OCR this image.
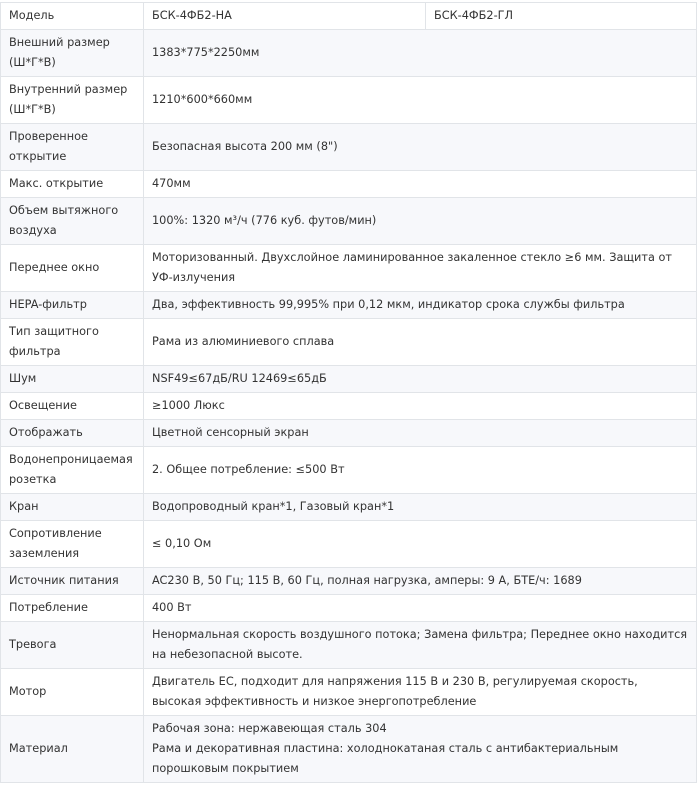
Модель	БСК-4ФБ2-НА	БСК-4ФБ2-ГЛ
Внешний размер (Ш*Г*В)	1383*775*2250мм	
Внутренний размер (Ш*Г*В)	1210*600*660мм	
Проверенное открытие	Безопасная высота 200 мм (8")	
Макс. открытие	470мм	
Объем вытяжного воздуха	100%: 1320 м³/ч (776 куб. футов/мин)	
Переднее окно	Моторизованный. Двухслойное ламинированное закаленное стекло ≥6 мм. Защита от УФ-излучения	
HEPA-фильтр	Два, эффективность 99,995% при 0,12 мкм, индикатор срока службы фильтра	
Тип защитного фильтра	Рама из алюминиевого сплава	
Шум	NSF49≤67дБ/RU 12469≤65дБ	
Освещение	≥1000 Люкс	
Отображать	Цветной сенсорный экран	
Водонепроницаемая розетка	2. Общее потребление: ≤500 Вт	
Кран	Водопроводный кран*1, Газовый кран*1	
Сопротивление заземления	≤ 0,10 Ом	
Источник питания	AC230 В, 50 Гц; 115 В, 60 Гц, полная нагрузка, амперы: 9 А, БТЕ/ч: 1689	
Потребление	400 Вт	
Тревога	Ненормальная скорость воздушного потока; Замена фильтра; Переднее окно находится на небезопасной высоте.	
Мотор	Двигатель EC, подходит для напряжения 115 В и 230 В, регулируемая скорость, высокая эффективность и низкое энергопотребление	
Материал	Рабочая зона: нержавеющая сталь 304
Рама и декоративная пластина: холоднокатаная сталь с антибактериальным порошковым покрытием	
